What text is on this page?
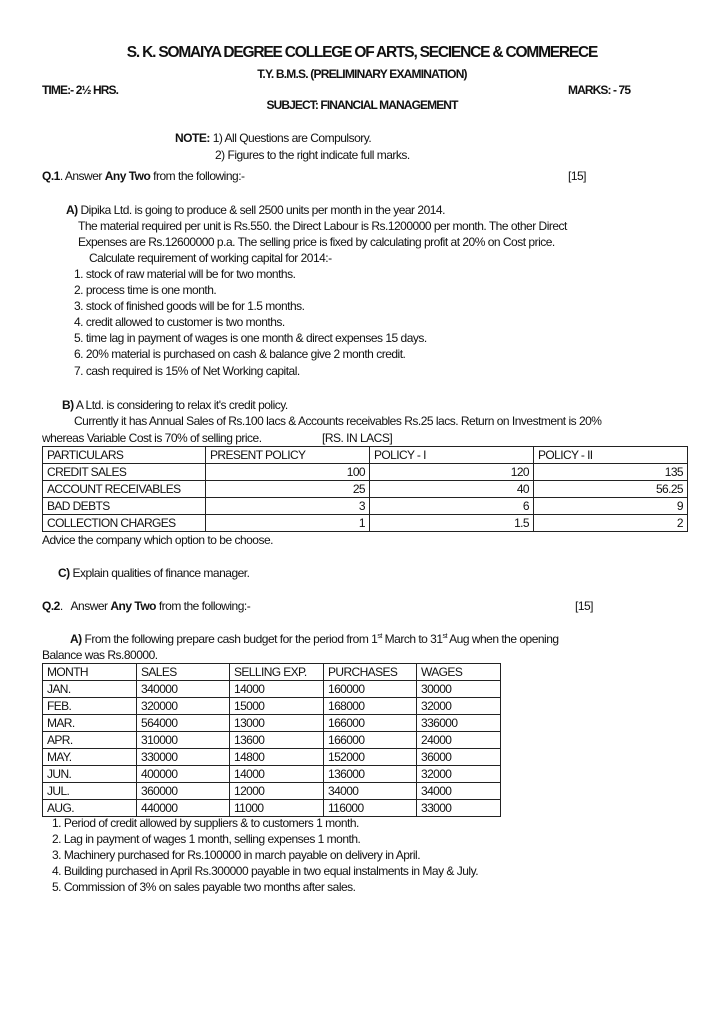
S. K. SOMAIYA DEGREE COLLEGE OF ARTS, SECIENCE & COMMERECE
T.Y. B.M.S. (PRELIMINARY EXAMINATION)
TIME:- 2½ HRS.	MARKS: - 75
SUBJECT: FINANCIAL MANAGEMENT
NOTE: 1) All Questions are Compulsory.
2) Figures to the right indicate full marks.
Q.1. Answer Any Two from the following:-	[15]
A) Dipika Ltd. is going to produce & sell 2500 units per month in the year 2014.
The material required per unit is Rs.550. the Direct Labour is Rs.1200000 per month. The other Direct
Expenses are Rs.12600000 p.a. The selling price is fixed by calculating profit at 20% on Cost price.
Calculate requirement of working capital for 2014:-
1. stock of raw material will be for two months.
2. process time is one month.
3. stock of finished goods will be for 1.5 months.
4. credit allowed to customer is two months.
5. time lag in payment of wages is one month & direct expenses 15 days.
6. 20% material is purchased on cash & balance give 2 month credit.
7. cash required is 15% of Net Working capital.
B) A Ltd. is considering to relax it's credit policy.
Currently it has Annual Sales of Rs.100 lacs & Accounts receivables Rs.25 lacs. Return on Investment is 20%
whereas Variable Cost is 70% of selling price.	[RS. IN LACS]
PARTICULARS	PRESENT POLICY	POLICY - I	POLICY - II
CREDIT SALES	100	120	135
ACCOUNT RECEIVABLES	25	40	56.25
BAD DEBTS	3	6	9
COLLECTION CHARGES	1	1.5	2
Advice the company which option to be choose.
C) Explain qualities of finance manager.
Q.2.   Answer Any Two from the following:-	[15]
A) From the following prepare cash budget for the period from 1st March to 31st Aug when the opening
Balance was Rs.80000.
MONTH	SALES	SELLING EXP.	PURCHASES	WAGES
JAN.	340000	14000	160000	30000
FEB.	320000	15000	168000	32000
MAR.	564000	13000	166000	336000
APR.	310000	13600	166000	24000
MAY.	330000	14800	152000	36000
JUN.	400000	14000	136000	32000
JUL.	360000	12000	34000	34000
AUG.	440000	11000	116000	33000
1. Period of credit allowed by suppliers & to customers 1 month.
2. Lag in payment of wages 1 month, selling expenses 1 month.
3. Machinery purchased for Rs.100000 in march payable on delivery in April.
4. Building purchased in April Rs.300000 payable in two equal instalments in May & July.
5. Commission of 3% on sales payable two months after sales.
